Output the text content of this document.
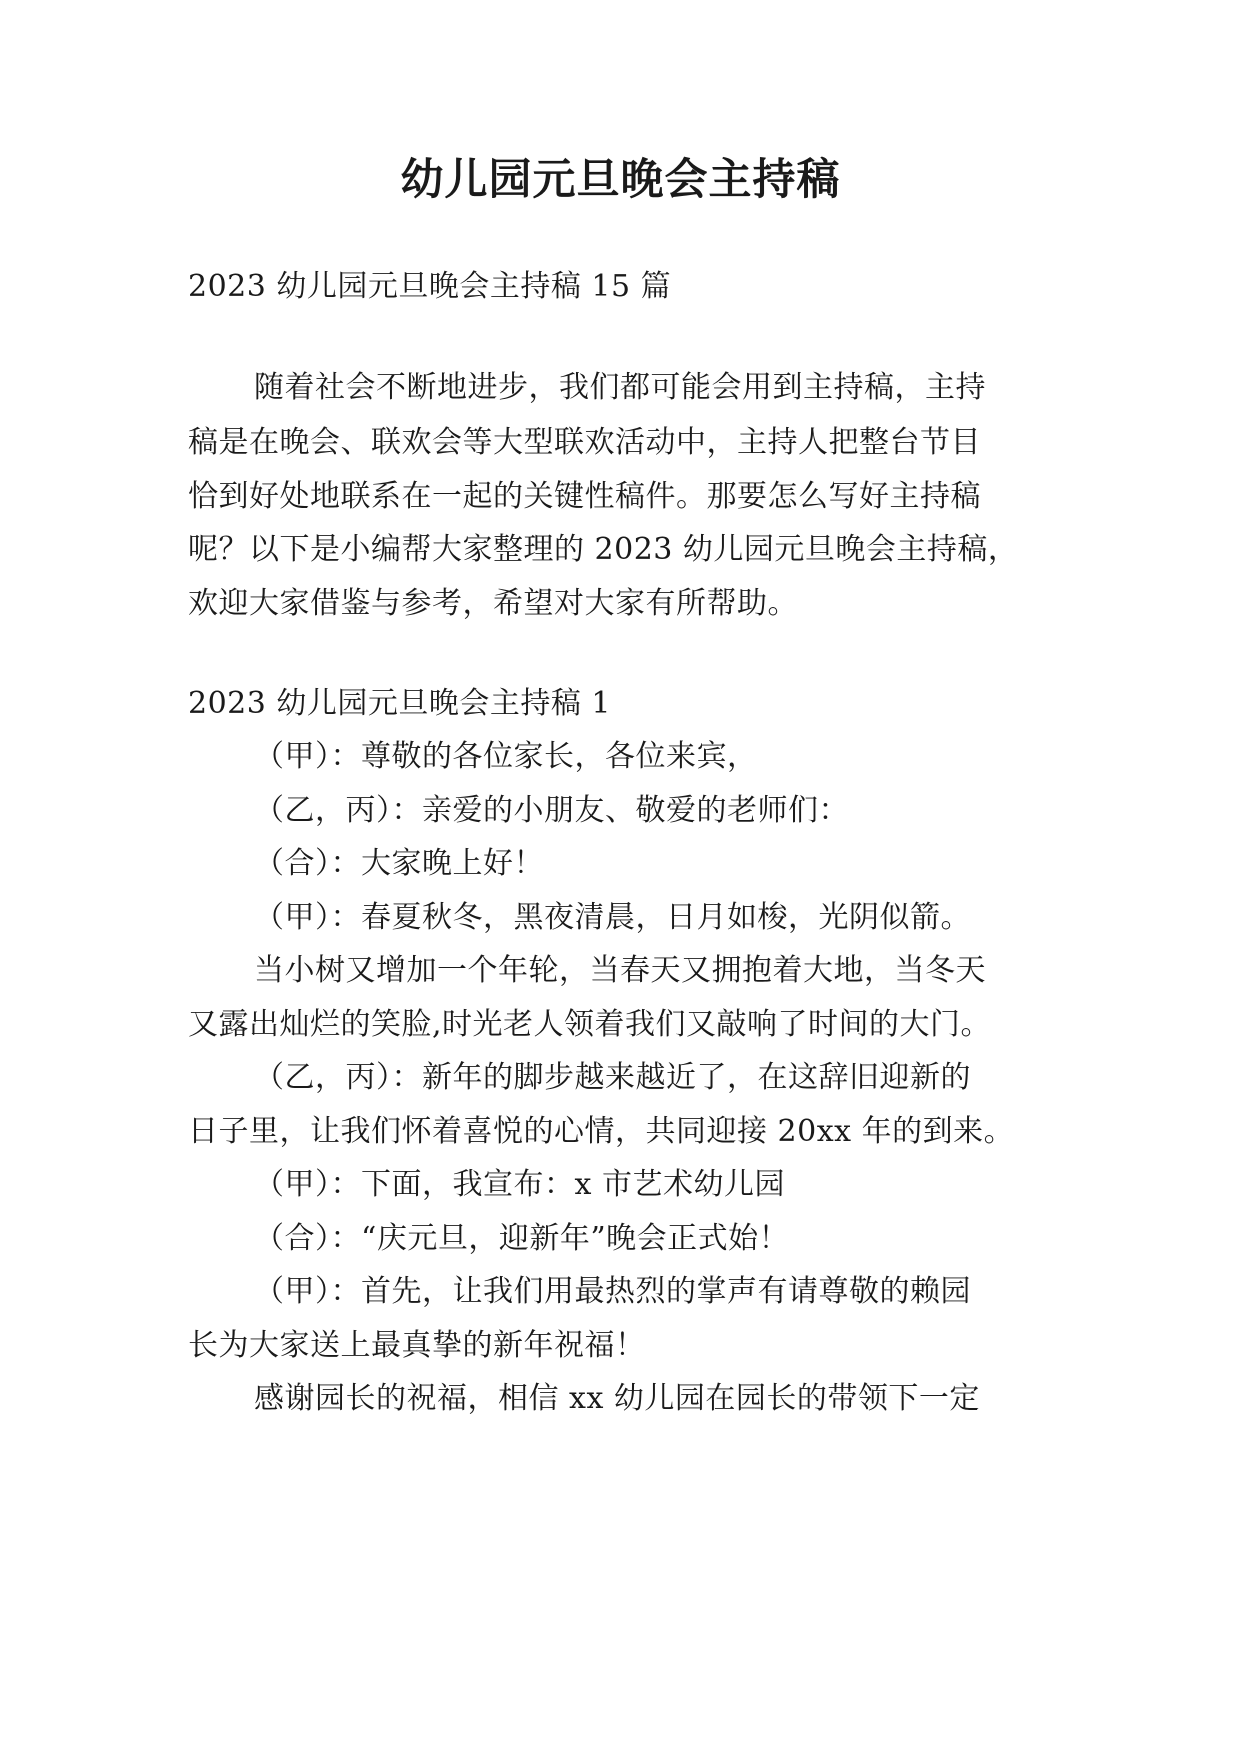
幼儿园元旦晚会主持稿
2023 幼儿园元旦晚会主持稿 15 篇
随着社会不断地进步，我们都可能会用到主持稿，主持
稿是在晚会、联欢会等大型联欢活动中，主持人把整台节目
恰到好处地联系在一起的关键性稿件。那要怎么写好主持稿
呢？以下是小编帮大家整理的 2023 幼儿园元旦晚会主持稿，
欢迎大家借鉴与参考，希望对大家有所帮助。
2023 幼儿园元旦晚会主持稿 1
（甲）：尊敬的各位家长，各位来宾，
（乙，丙）：亲爱的小朋友、敬爱的老师们：
（合）：大家晚上好！
（甲）：春夏秋冬，黑夜清晨，日月如梭，光阴似箭。
当小树又增加一个年轮，当春天又拥抱着大地，当冬天
又露出灿烂的笑脸,时光老人领着我们又敲响了时间的大门。
（乙，丙）：新年的脚步越来越近了，在这辞旧迎新的
日子里，让我们怀着喜悦的心情，共同迎接 20xx 年的到来。
（甲）：下面，我宣布：x 市艺术幼儿园
（合）：“庆元旦，迎新年”晚会正式始！
（甲）：首先，让我们用最热烈的掌声有请尊敬的赖园
长为大家送上最真挚的新年祝福！
感谢园长的祝福，相信 xx 幼儿园在园长的带领下一定
